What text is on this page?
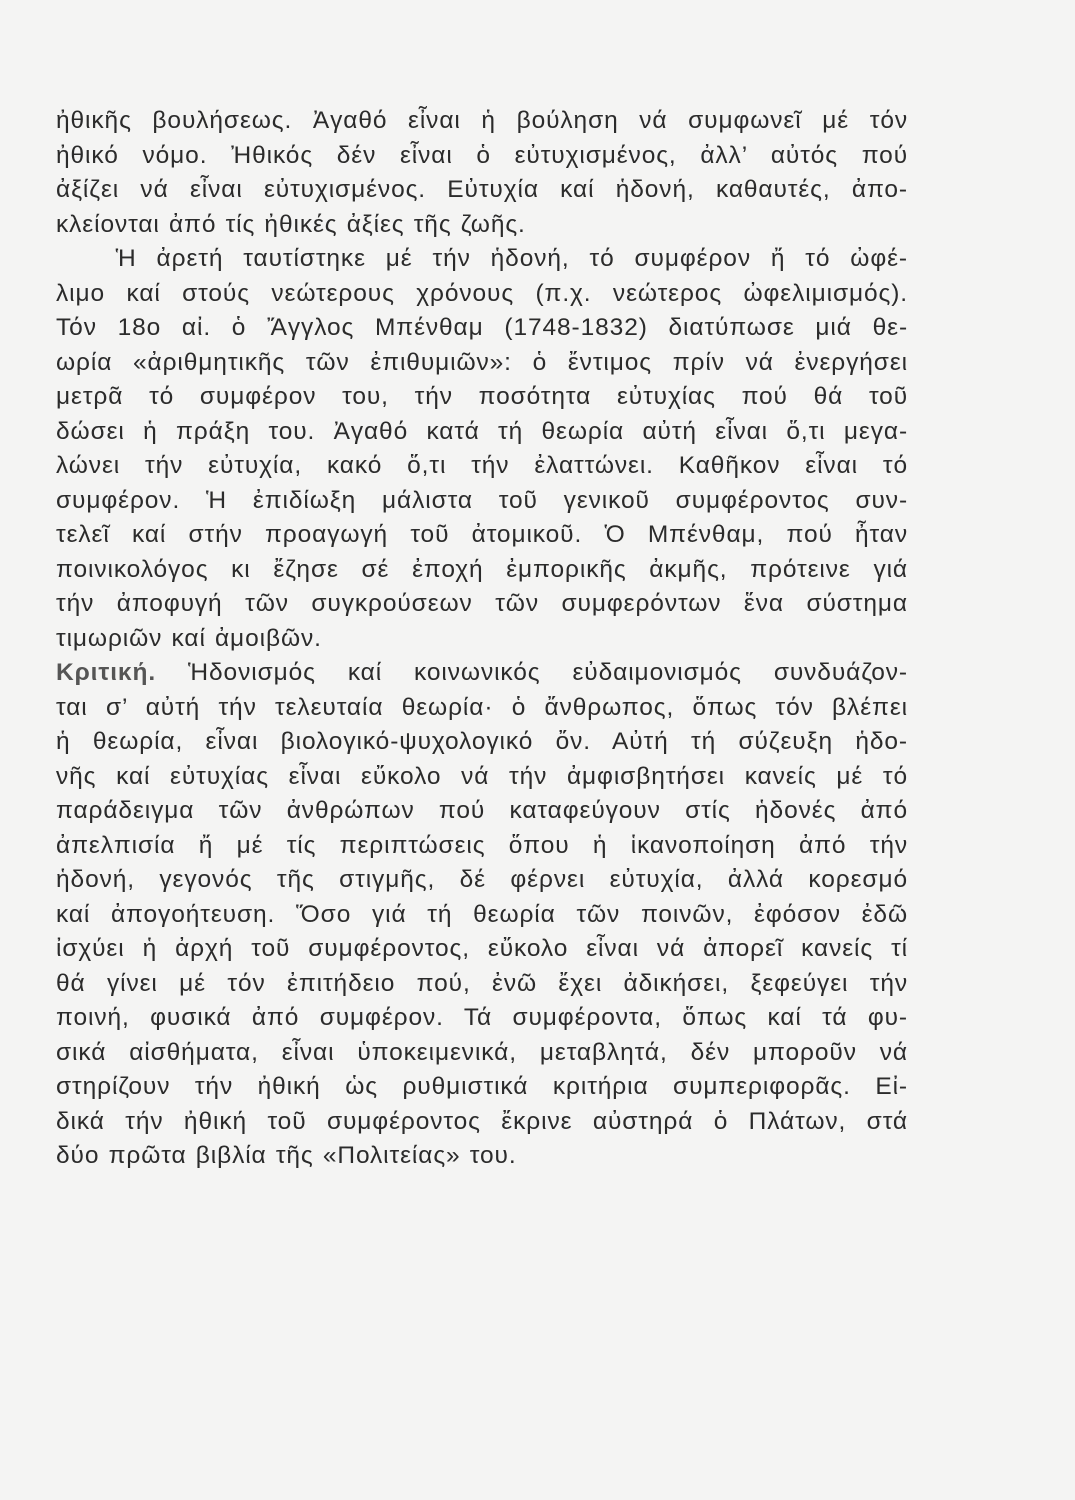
ἠθικῆς βουλήσεως. Ἀγαθό εἶναι ἡ βούληση νά συμφωνεῖ μέ τόν
ἠθικό νόμο. Ἠθικός δέν εἶναι ὁ εὐτυχισμένος, ἀλλ’ αὐτός πού
ἀξίζει νά εἶναι εὐτυχισμένος. Εὐτυχία καί ἡδονή, καθαυτές, ἀπο-
κλείονται ἀπό τίς ἠθικές ἀξίες τῆς ζωῆς.
Ἡ ἀρετή ταυτίστηκε μέ τήν ἡδονή, τό συμφέρον ἤ τό ὠφέ-
λιμο καί στούς νεώτερους χρόνους (π.χ. νεώτερος ὠφελιμισμός).
Τόν 18ο αἰ. ὁ Ἄγγλος Μπένθαμ (1748-1832) διατύπωσε μιά θε-
ωρία «ἀριθμητικῆς τῶν ἐπιθυμιῶν»: ὁ ἔντιμος πρίν νά ἐνεργήσει
μετρᾶ τό συμφέρον του, τήν ποσότητα εὐτυχίας πού θά τοῦ
δώσει ἡ πράξη του. Ἀγαθό κατά τή θεωρία αὐτή εἶναι ὅ,τι μεγα-
λώνει τήν εὐτυχία, κακό ὅ,τι τήν ἐλαττώνει. Καθῆκον εἶναι τό
συμφέρον. Ἡ ἐπιδίωξη μάλιστα τοῦ γενικοῦ συμφέροντος συν-
τελεῖ καί στήν προαγωγή τοῦ ἀτομικοῦ. Ὁ Μπένθαμ, πού ἦταν
ποινικολόγος κι ἔζησε σέ ἐποχή ἐμπορικῆς ἀκμῆς, πρότεινε γιά
τήν ἀποφυγή τῶν συγκρούσεων τῶν συμφερόντων ἕνα σύστημα
τιμωριῶν καί ἀμοιβῶν.
Κριτική. Ἡδονισμός καί κοινωνικός εὐδαιμονισμός συνδυάζον-
ται σ’ αὐτή τήν τελευταία θεωρία· ὁ ἄνθρωπος, ὅπως τόν βλέπει
ἡ θεωρία, εἶναι βιολογικό-ψυχολογικό ὄν. Αὐτή τή σύζευξη ἡδο-
νῆς καί εὐτυχίας εἶναι εὔκολο νά τήν ἀμφισβητήσει κανείς μέ τό
παράδειγμα τῶν ἀνθρώπων πού καταφεύγουν στίς ἡδονές ἀπό
ἀπελπισία ἤ μέ τίς περιπτώσεις ὅπου ἡ ἱκανοποίηση ἀπό τήν
ἡδονή, γεγονός τῆς στιγμῆς, δέ φέρνει εὐτυχία, ἀλλά κορεσμό
καί ἀπογοήτευση. Ὅσο γιά τή θεωρία τῶν ποινῶν, ἐφόσον ἐδῶ
ἰσχύει ἡ ἀρχή τοῦ συμφέροντος, εὔκολο εἶναι νά ἀπορεῖ κανείς τί
θά γίνει μέ τόν ἐπιτήδειο πού, ἐνῶ ἔχει ἀδικήσει, ξεφεύγει τήν
ποινή, φυσικά ἀπό συμφέρον. Τά συμφέροντα, ὅπως καί τά φυ-
σικά αἰσθήματα, εἶναι ὑποκειμενικά, μεταβλητά, δέν μποροῦν νά
στηρίζουν τήν ἠθική ὡς ρυθμιστικά κριτήρια συμπεριφορᾶς. Εἰ-
δικά τήν ἠθική τοῦ συμφέροντος ἔκρινε αὐστηρά ὁ Πλάτων, στά
δύο πρῶτα βιβλία τῆς «Πολιτείας» του.
